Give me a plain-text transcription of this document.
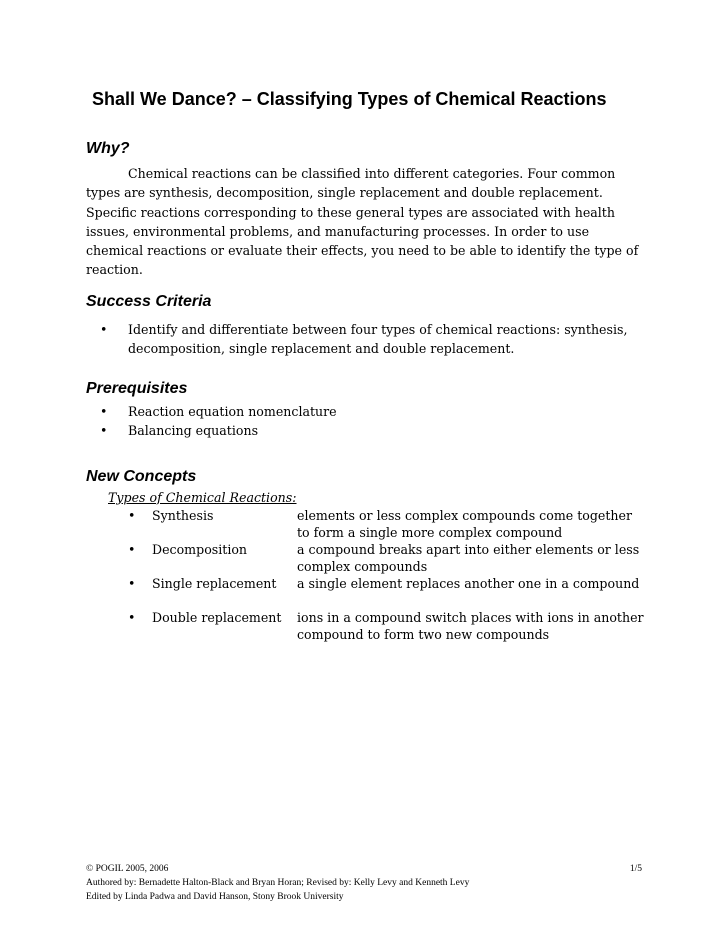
Shall We Dance? – Classifying Types of Chemical Reactions
Why?
Chemical reactions can be classified into different categories. Four common types are synthesis, decomposition, single replacement and double replacement. Specific reactions corresponding to these general types are associated with health issues, environmental problems, and manufacturing processes. In order to use chemical reactions or evaluate their effects, you need to be able to identify the type of reaction.
Success Criteria
• Identify and differentiate between four types of chemical reactions: synthesis, decomposition, single replacement and double replacement.
Prerequisites
• Reaction equation nomenclature
• Balancing equations
New Concepts
Types of Chemical Reactions:
• Synthesis	elements or less complex compounds come together to form a single more complex compound
• Decomposition	a compound breaks apart into either elements or less complex compounds
• Single replacement a single element replaces another one in a compound
• Double replacement ions in a compound switch places with ions in another compound to form two new compounds
© POGIL 2005, 2006
Authored by: Bernadette Halton-Black and Bryan Horan; Revised by: Kelly Levy and Kenneth Levy
Edited by Linda Padwa and David Hanson, Stony Brook University
1/5
